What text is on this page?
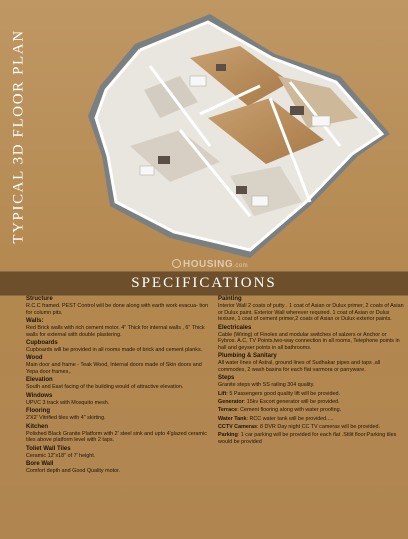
TYPICAL 3D FLOOR PLAN
HOUSING.com
SPECIFICATIONS
Structure
R.C.C framed. PEST Control will be done along with earth work evacua- tion for column pits.
Walls:
Red Brick walls with rich cement motor. 4" Thick for internal walls , 6" Thick walls for external with double plastering.
Cupboards
Cupboards will be provided in all rooms made of brick and cement planks.
Wood
Main door and frame - Teak Wood, Internal doors made of Skin doors and Yepa door frames,.
Elevation
South and East facing of the building would of attractive elevation.
Windows
UPVC 3 track with Mosquito mesh.
Flooring
2'X2' Vitrified tiles with 4" skirting.
Kitchen
Polished Black Granite Platform with 2' steel sink and upto 4'glazed ceramic tiles above platform level with 2 taps.
Toliet Wall Tiles
Ceramic 12"x18" of 7' height.
Bore Wall
Comfort depth and Good Quality motor.
Painting
Interior Wall 2 coats of putty . 1 coat of Asian or Dulux primer, 2 coats of Asian or Dulux paint. Exterior Wall wherever required. 1 coat of Asian or Dulux texture, 1 coat of cement primer,2 coats of Asian or Dulux exterior paints.
Electricales
Cable (Wiring) of Finolex and modular switches of salzers or Anchor or Fybros. A.C, TV Points,two-way connection in all rooms, Telephone points in hall and geyser points in all bathrooms.
Plumbing & Sanitary
All water lines of Astral, ground lines of Sudhakar pipes and taps ,all commodes, 2 wash basins for each flat varmora or parryware.
Steps
Granite steps with SS railing 304 quality.
Lift: 5 Passengers good quality lift will be provided.
Generator: 15kv Escort generator will be provided.
Terrace: Cement flooring along with water proofing.
Water Tank: RCC water tank will be provided.....
CCTV Cameras: 8 DVR Day night CC TV cameras will be provided.
Parking: 1 car parking will be provided for each flat .Stilit floor:Parking tiles would be provided
